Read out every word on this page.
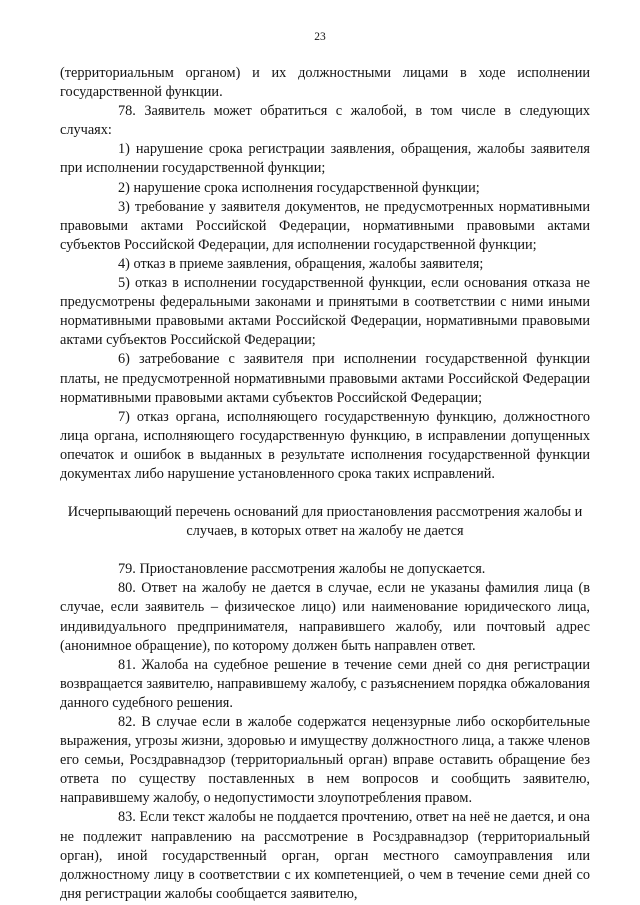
23

(территориальным органом) и их должностными лицами в ходе исполнении государственной функции.

78. Заявитель может обратиться с жалобой, в том числе в следующих случаях:

1) нарушение срока регистрации заявления, обращения, жалобы заявителя при исполнении государственной функции;

2) нарушение срока исполнения государственной функции;

3) требование у заявителя документов, не предусмотренных нормативными правовыми актами Российской Федерации, нормативными правовыми актами субъектов Российской Федерации, для исполнении государственной функции;

4) отказ в приеме заявления, обращения, жалобы заявителя;

5) отказ в исполнении государственной функции, если основания отказа не предусмотрены федеральными законами и принятыми в соответствии с ними иными нормативными правовыми актами Российской Федерации, нормативными правовыми актами субъектов Российской Федерации;

6) затребование с заявителя при исполнении государственной функции платы, не предусмотренной нормативными правовыми актами Российской Федерации нормативными правовыми актами субъектов Российской Федерации;

7) отказ органа, исполняющего государственную функцию, должностного лица органа, исполняющего государственную функцию, в исправлении допущенных опечаток и ошибок в выданных в результате исполнения государственной функции документах либо нарушение установленного срока таких исправлений.

Исчерпывающий перечень оснований для приостановления рассмотрения жалобы и случаев, в которых ответ на жалобу не дается

79. Приостановление рассмотрения жалобы не допускается.

80. Ответ на жалобу не дается в случае, если не указаны фамилия лица (в случае, если заявитель – физическое лицо) или наименование юридического лица, индивидуального предпринимателя, направившего жалобу, или почтовый адрес (анонимное обращение), по которому должен быть направлен ответ.

81. Жалоба на судебное решение в течение семи дней со дня регистрации возвращается заявителю, направившему жалобу, с разъяснением порядка обжалования данного судебного решения.

82. В случае если в жалобе содержатся нецензурные либо оскорбительные выражения, угрозы жизни, здоровью и имуществу должностного лица, а также членов его семьи, Росздравнадзор (территориальный орган) вправе оставить обращение без ответа по существу поставленных в нем вопросов и сообщить заявителю, направившему жалобу, о недопустимости злоупотребления правом.

83. Если текст жалобы не поддается прочтению, ответ на неё не дается, и она не подлежит направлению на рассмотрение в Росздравнадзор (территориальный орган), иной государственный орган, орган местного самоуправления или должностному лицу в соответствии с их компетенцией, о чем в течение семи дней со дня регистрации жалобы сообщается заявителю,
